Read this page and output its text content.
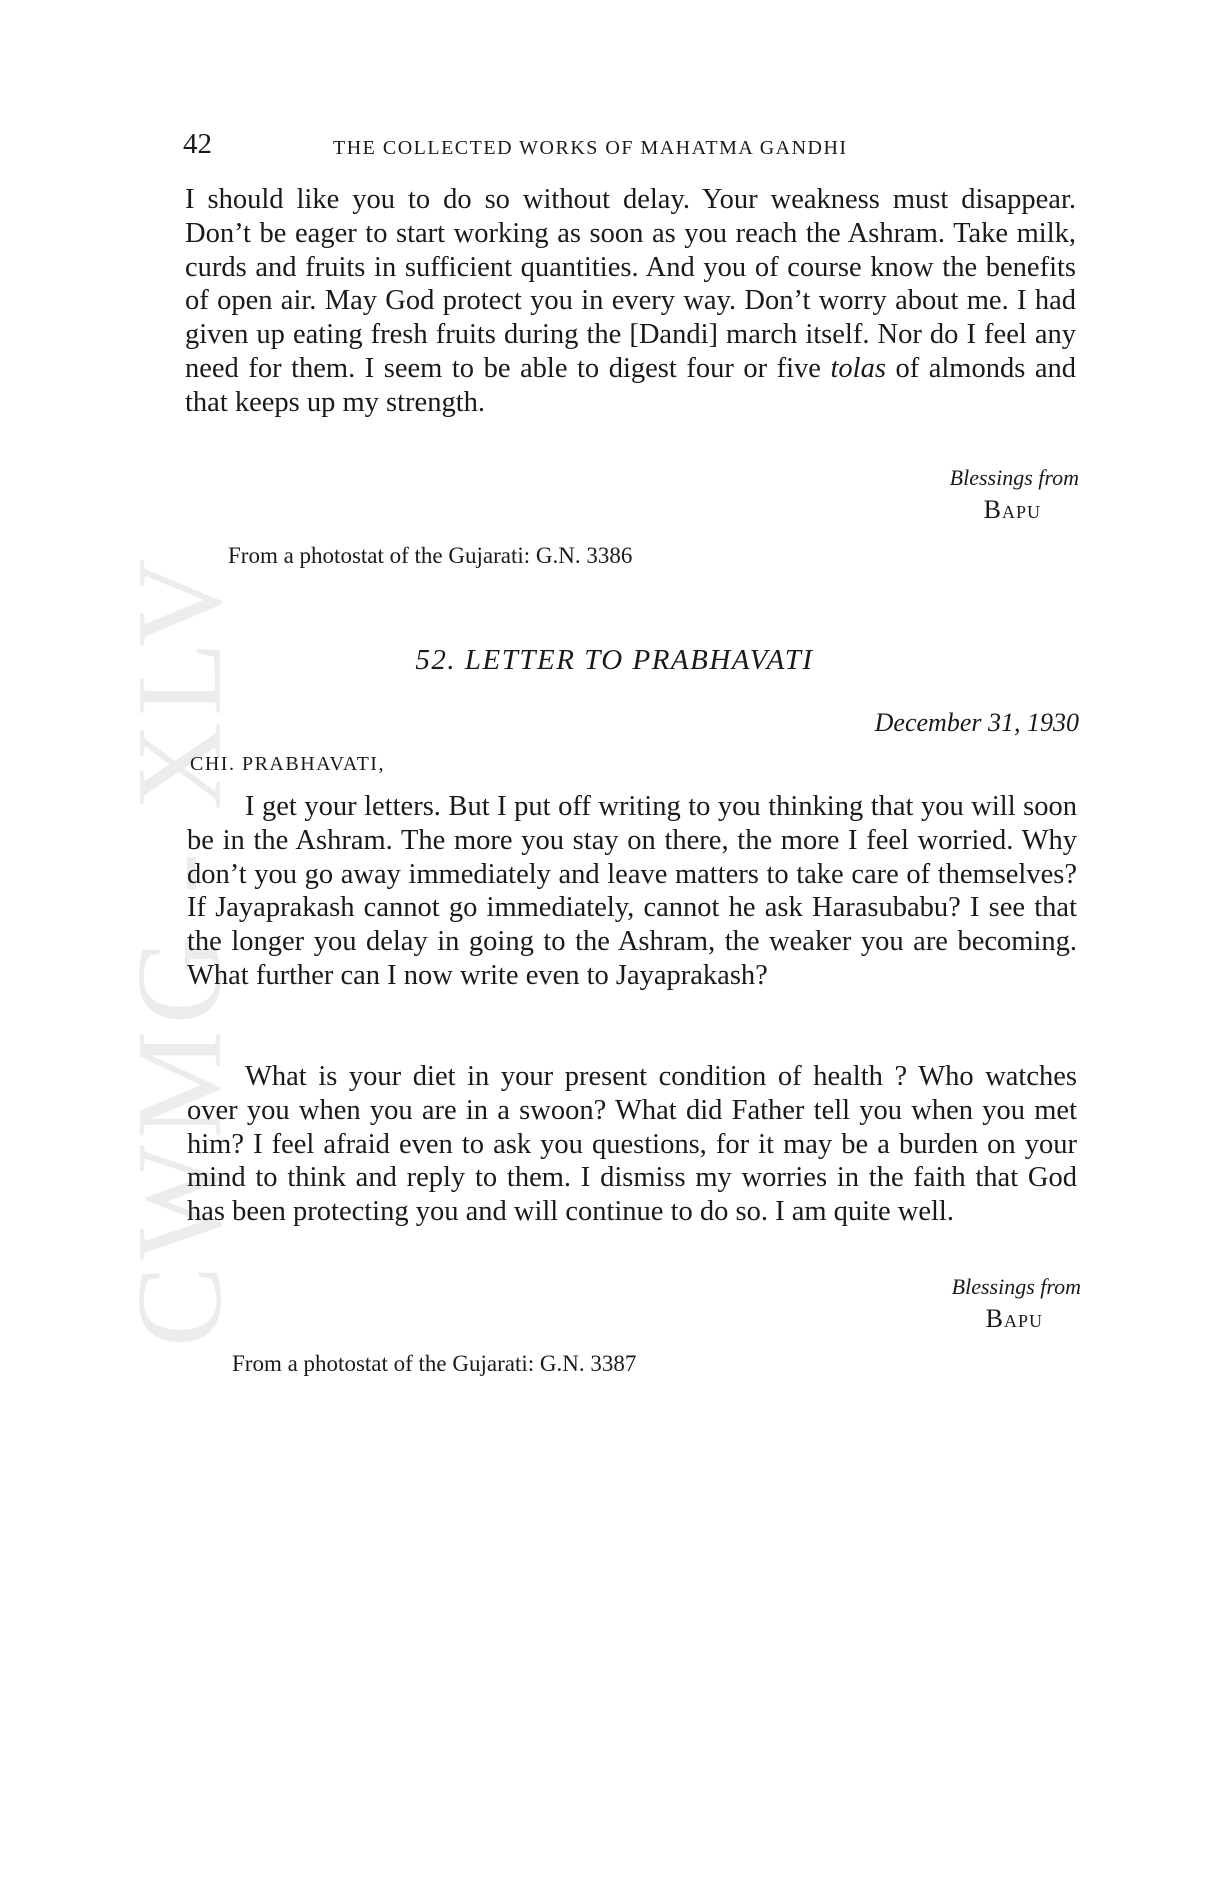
CWMG - XLV
42	THE COLLECTED WORKS OF MAHATMA GANDHI

I should like you to do so without delay. Your weakness must disappear. Don’t be eager to start working as soon as you reach the Ashram. Take milk, curds and fruits in sufficient quantities. And you of course know the benefits of open air. May God protect you in every way. Don’t worry about me. I had given up eating fresh fruits during the [Dandi] march itself. Nor do I feel any need for them. I seem to be able to digest four or five tolas of almonds and that keeps up my strength.

Blessings from
Bapu
From a photostat of the Gujarati: G.N. 3386
52. LETTER TO PRABHAVATI
December 31, 1930
CHI. PRABHAVATI,

I get your letters. But I put off writing to you thinking that you will soon be in the Ashram. The more you stay on there, the more I feel worried. Why don’t you go away immediately and leave matters to take care of themselves? If Jayaprakash cannot go immediately, cannot he ask Harasubabu? I see that the longer you delay in going to the Ashram, the weaker you are becoming. What further can I now write even to Jayaprakash?

What is your diet in your present condition of health ? Who watches over you when you are in a swoon? What did Father tell you when you met him? I feel afraid even to ask you questions, for it may be a burden on your mind to think and reply to them. I dismiss my worries in the faith that God has been protecting you and will continue to do so. I am quite well.

Blessings from
Bapu
From a photostat of the Gujarati: G.N. 3387
